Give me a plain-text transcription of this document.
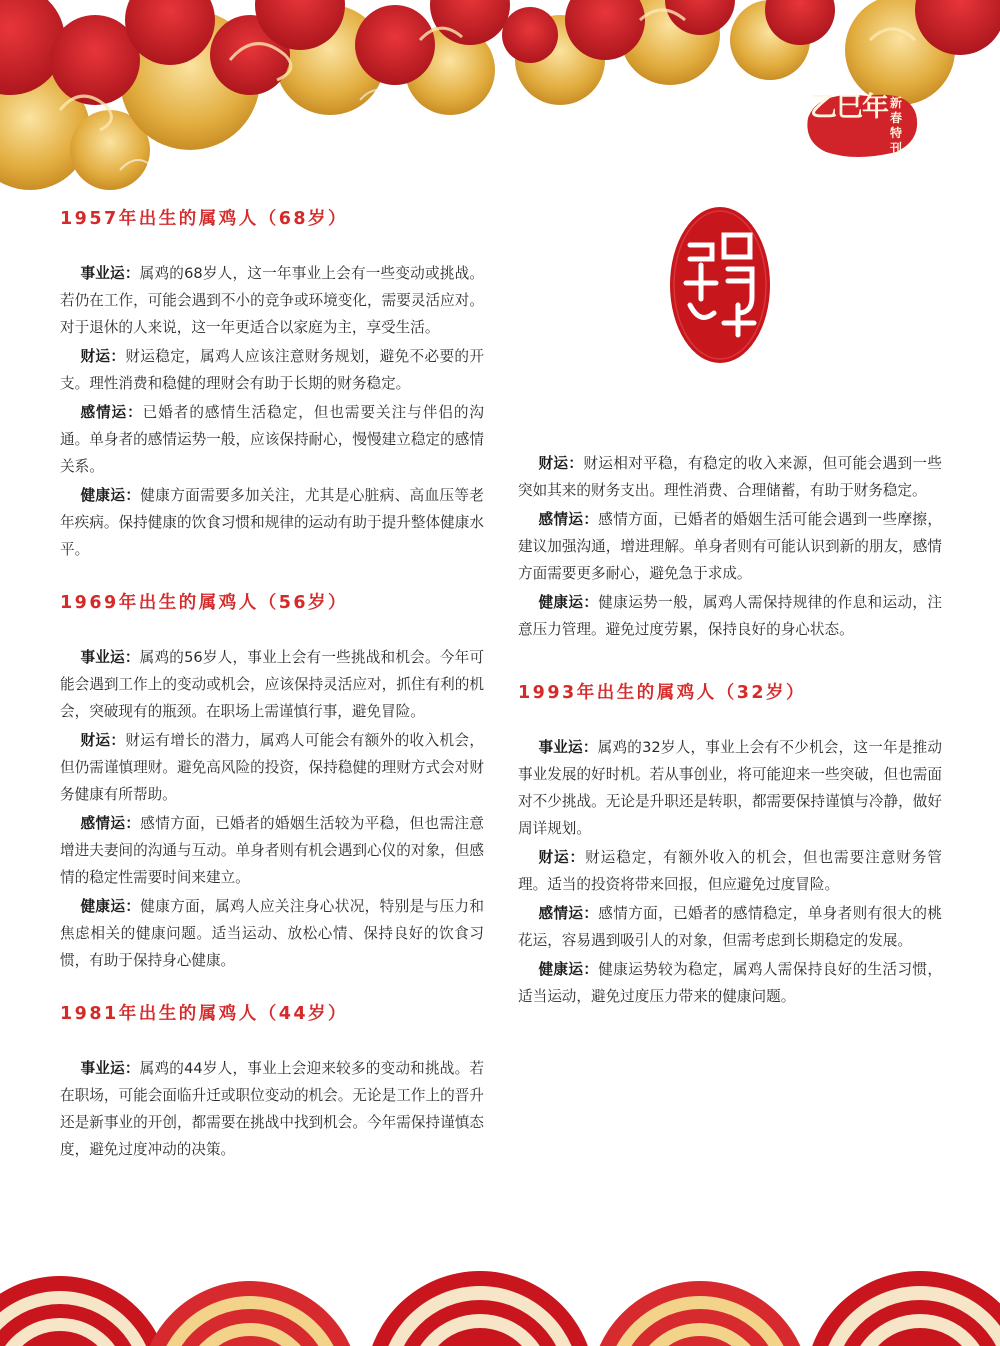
乙巳年 新春特刊
1957年出生的属鸡人（68岁）

事业运：属鸡的68岁人，这一年事业上会有一些变动或挑战。若仍在工作，可能会遇到不小的竞争或环境变化，需要灵活应对。对于退休的人来说，这一年更适合以家庭为主，享受生活。

财运：财运稳定，属鸡人应该注意财务规划，避免不必要的开支。理性消费和稳健的理财会有助于长期的财务稳定。

感情运：已婚者的感情生活稳定，但也需要关注与伴侣的沟通。单身者的感情运势一般，应该保持耐心，慢慢建立稳定的感情关系。

健康运：健康方面需要多加关注，尤其是心脏病、高血压等老年疾病。保持健康的饮食习惯和规律的运动有助于提升整体健康水平。

1969年出生的属鸡人（56岁）

事业运：属鸡的56岁人，事业上会有一些挑战和机会。今年可能会遇到工作上的变动或机会，应该保持灵活应对，抓住有利的机会，突破现有的瓶颈。在职场上需谨慎行事，避免冒险。

财运：财运有增长的潜力，属鸡人可能会有额外的收入机会，但仍需谨慎理财。避免高风险的投资，保持稳健的理财方式会对财务健康有所帮助。

感情运：感情方面，已婚者的婚姻生活较为平稳，但也需注意增进夫妻间的沟通与互动。单身者则有机会遇到心仪的对象，但感情的稳定性需要时间来建立。

健康运：健康方面，属鸡人应关注身心状况，特别是与压力和焦虑相关的健康问题。适当运动、放松心情、保持良好的饮食习惯，有助于保持身心健康。

1981年出生的属鸡人（44岁）

事业运：属鸡的44岁人，事业上会迎来较多的变动和挑战。若在职场，可能会面临升迁或职位变动的机会。无论是工作上的晋升还是新事业的开创，都需要在挑战中找到机会。今年需保持谨慎态度，避免过度冲动的决策。

财运：财运相对平稳，有稳定的收入来源，但可能会遇到一些突如其来的财务支出。理性消费、合理储蓄，有助于财务稳定。

感情运：感情方面，已婚者的婚姻生活可能会遇到一些摩擦，建议加强沟通，增进理解。单身者则有可能认识到新的朋友，感情方面需要更多耐心，避免急于求成。

健康运：健康运势一般，属鸡人需保持规律的作息和运动，注意压力管理。避免过度劳累，保持良好的身心状态。

1993年出生的属鸡人（32岁）

事业运：属鸡的32岁人，事业上会有不少机会，这一年是推动事业发展的好时机。若从事创业，将可能迎来一些突破，但也需面对不少挑战。无论是升职还是转职，都需要保持谨慎与冷静，做好周详规划。

财运：财运稳定，有额外收入的机会，但也需要注意财务管理。适当的投资将带来回报，但应避免过度冒险。

感情运：感情方面，已婚者的感情稳定，单身者则有很大的桃花运，容易遇到吸引人的对象，但需考虑到长期稳定的发展。

健康运：健康运势较为稳定，属鸡人需保持良好的生活习惯，适当运动，避免过度压力带来的健康问题。
